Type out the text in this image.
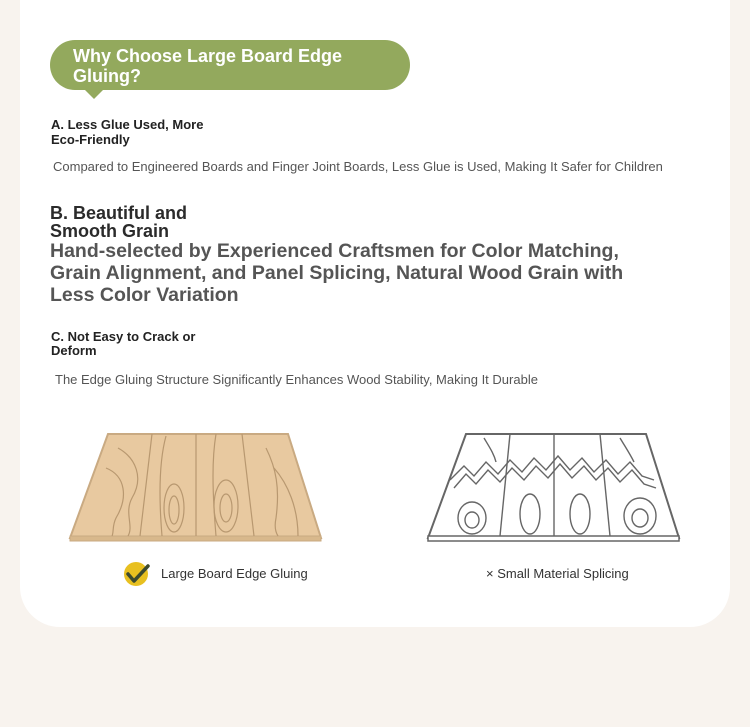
Why Choose Large Board Edge Gluing?
A. Less Glue Used, More Eco-Friendly
Compared to Engineered Boards and Finger Joint Boards, Less Glue is Used, Making It Safer for Children
B. Beautiful and Smooth Grain
Hand-selected by Experienced Craftsmen for Color Matching, Grain Alignment, and Panel Splicing, Natural Wood Grain with Less Color Variation
C. Not Easy to Crack or Deform
The Edge Gluing Structure Significantly Enhances Wood Stability, Making It Durable
Large Board Edge Gluing	× Small Material Splicing
